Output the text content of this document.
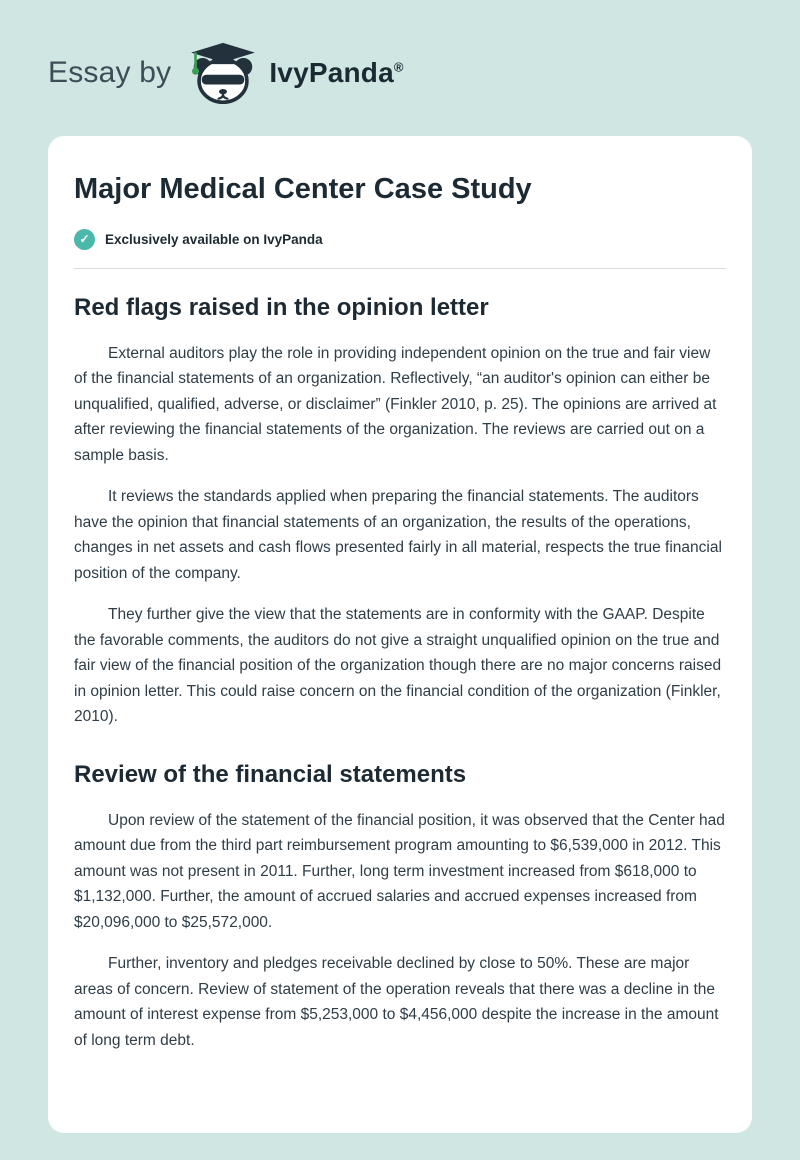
Essay by	IvyPanda®
Major Medical Center Case Study
✓	Exclusively available on IvyPanda
Red flags raised in the opinion letter

External auditors play the role in providing independent opinion on the true and fair view of the financial statements of an organization. Reflectively, “an auditor's opinion can either be unqualified, qualified, adverse, or disclaimer” (Finkler 2010, p. 25). The opinions are arrived at after reviewing the financial statements of the organization. The reviews are carried out on a sample basis.

It reviews the standards applied when preparing the financial statements. The auditors have the opinion that financial statements of an organization, the results of the operations, changes in net assets and cash flows presented fairly in all material, respects the true financial position of the company.

They further give the view that the statements are in conformity with the GAAP. Despite the favorable comments, the auditors do not give a straight unqualified opinion on the true and fair view of the financial position of the organization though there are no major concerns raised in opinion letter. This could raise concern on the financial condition of the organization (Finkler, 2010).

Review of the financial statements

Upon review of the statement of the financial position, it was observed that the Center had amount due from the third part reimbursement program amounting to $6,539,000 in 2012. This amount was not present in 2011. Further, long term investment increased from $618,000 to $1,132,000. Further, the amount of accrued salaries and accrued expenses increased from $20,096,000 to $25,572,000.

Further, inventory and pledges receivable declined by close to 50%. These are major areas of concern. Review of statement of the operation reveals that there was a decline in the amount of interest expense from $5,253,000 to $4,456,000 despite the increase in the amount of long term debt.
